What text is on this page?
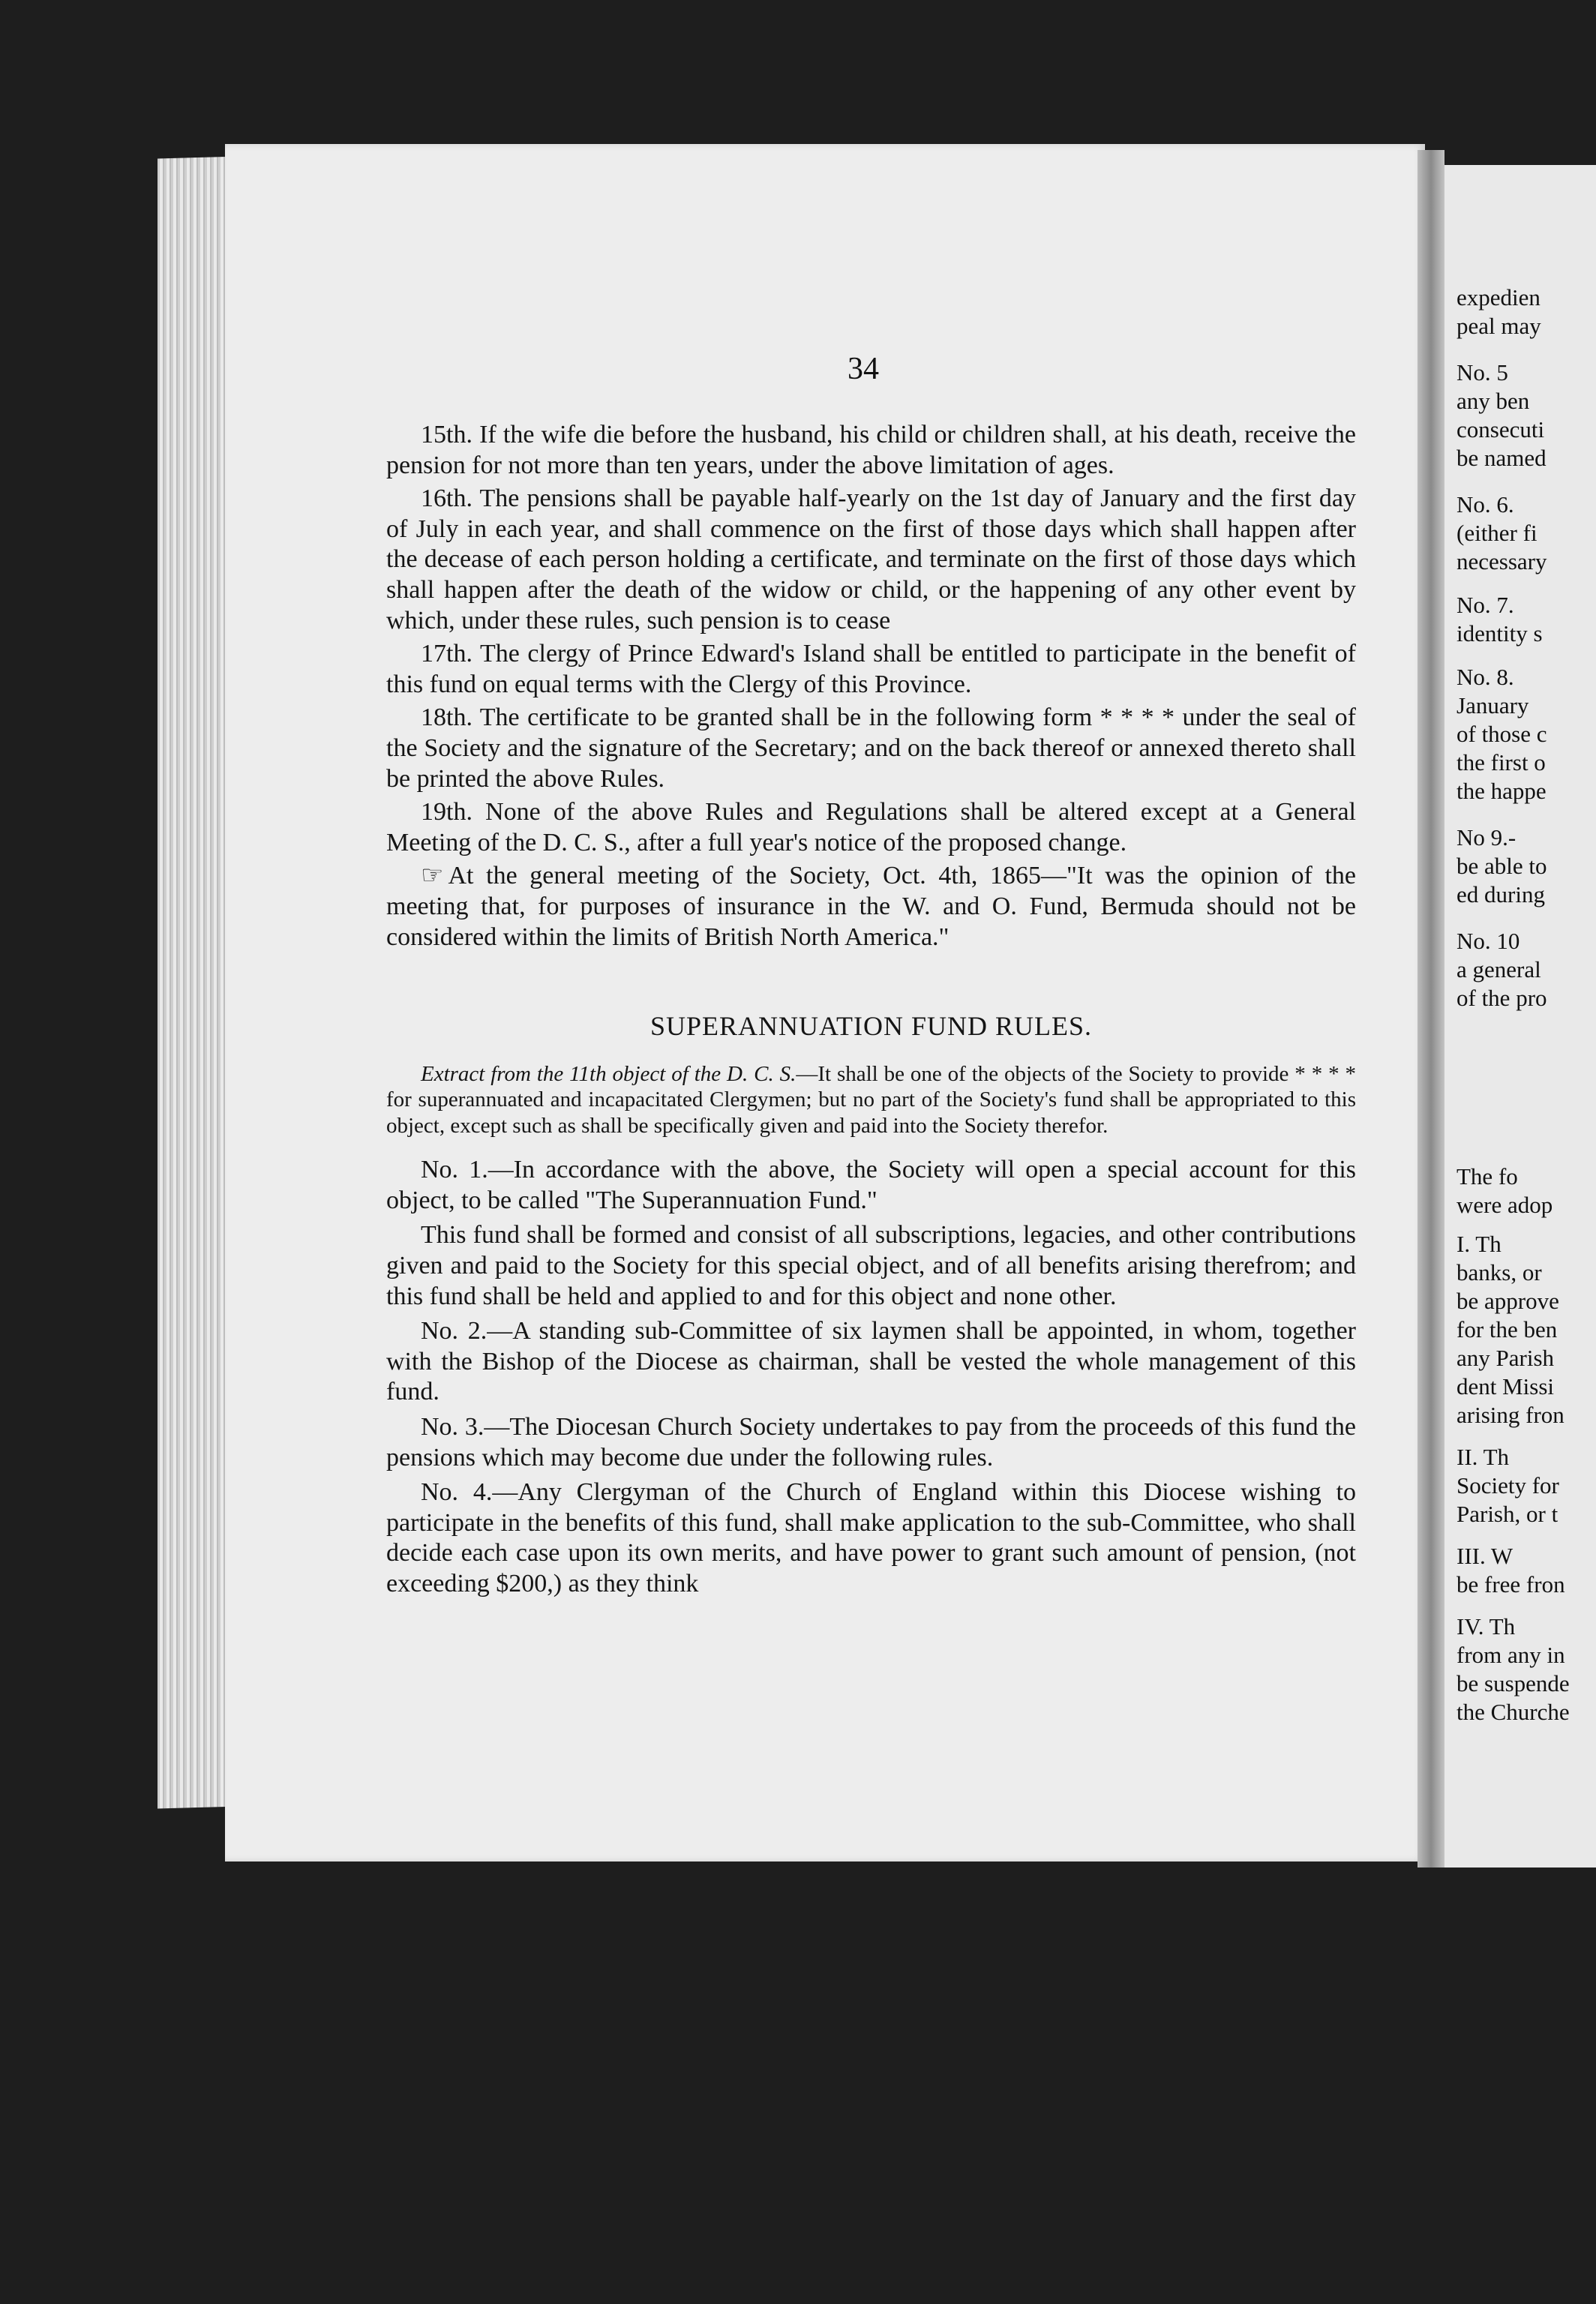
expedien
peal may
No. 5
any ben
consecuti
be named
No. 6.
(either fi
necessary
No. 7.
identity s
No. 8.
January
of those c
the first o
the happe
No 9.-
be able to
ed during
No. 10
a general
of the pro
The fo
were adop
I. Th
banks, or
be approve
for the ben
any Parish
dent Missi
arising fron
II. Th
Society for
Parish, or t
III. W
be free fron
IV. Th
from any in
be suspende
the Churche
34

15th. If the wife die before the husband, his child or children shall, at his death, receive the pension for not more than ten years, under the above limitation of ages.

16th. The pensions shall be payable half-yearly on the 1st day of January and the first day of July in each year, and shall commence on the first of those days which shall happen after the decease of each person holding a certificate, and terminate on the first of those days which shall happen after the death of the widow or child, or the happening of any other event by which, under these rules, such pension is to cease

17th. The clergy of Prince Edward's Island shall be entitled to participate in the benefit of this fund on equal terms with the Clergy of this Province.

18th. The certificate to be granted shall be in the following form * * * * under the seal of the Society and the signature of the Secretary; and on the back thereof or annexed thereto shall be printed the above Rules.

19th. None of the above Rules and Regulations shall be altered except at a General Meeting of the D. C. S., after a full year's notice of the proposed change.

☞ At the general meeting of the Society, Oct. 4th, 1865—"It was the opinion of the meeting that, for purposes of insurance in the W. and O. Fund, Bermuda should not be considered within the limits of British North America."

SUPERANNUATION FUND RULES.

Extract from the 11th object of the D. C. S.—It shall be one of the objects of the Society to provide * * * * for superannuated and incapacitated Clergymen; but no part of the Society's fund shall be appropriated to this object, except such as shall be specifically given and paid into the Society therefor.

No. 1.—In accordance with the above, the Society will open a special account for this object, to be called "The Superannuation Fund."

This fund shall be formed and consist of all subscriptions, legacies, and other contributions given and paid to the Society for this special object, and of all benefits arising therefrom; and this fund shall be held and applied to and for this object and none other.

No. 2.—A standing sub-Committee of six laymen shall be appointed, in whom, together with the Bishop of the Diocese as chairman, shall be vested the whole management of this fund.

No. 3.—The Diocesan Church Society undertakes to pay from the proceeds of this fund the pensions which may become due under the following rules.

No. 4.—Any Clergyman of the Church of England within this Diocese wishing to participate in the benefits of this fund, shall make application to the sub-Committee, who shall decide each case upon its own merits, and have power to grant such amount of pension, (not exceeding $200,) as they think
